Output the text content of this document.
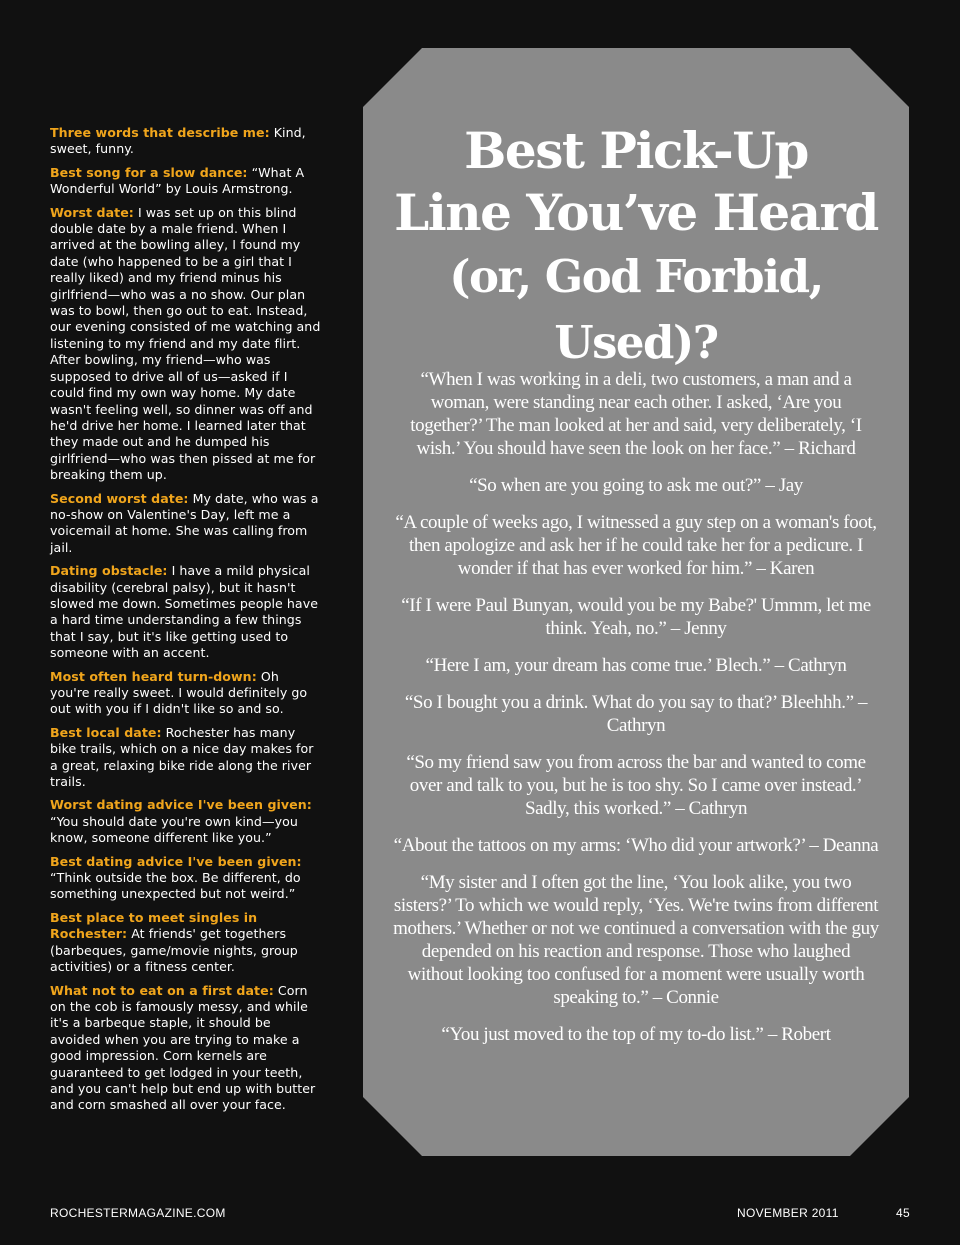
Three words that describe me: Kind, sweet, funny.

Best song for a slow dance: “What A Wonderful World” by Louis Armstrong.

Worst date: I was set up on this blind double date by a male friend. When I arrived at the bowling alley, I found my date (who happened to be a girl that I really liked) and my friend minus his girlfriend—who was a no show. Our plan was to bowl, then go out to eat. Instead, our evening consisted of me watching and listening to my friend and my date flirt. After bowling, my friend—who was supposed to drive all of us—asked if I could find my own way home. My date wasn't feeling well, so dinner was off and he'd drive her home. I learned later that they made out and he dumped his girlfriend—who was then pissed at me for breaking them up.

Second worst date: My date, who was a no-show on Valentine's Day, left me a voicemail at home. She was calling from jail.

Dating obstacle: I have a mild physical disability (cerebral palsy), but it hasn't slowed me down. Sometimes people have a hard time understanding a few things that I say, but it's like getting used to someone with an accent.

Most often heard turn-down: Oh you're really sweet. I would definitely go out with you if I didn't like so and so.

Best local date: Rochester has many bike trails, which on a nice day makes for a great, relaxing bike ride along the river trails.

Worst dating advice I've been given: “You should date you're own kind—you know, someone different like you.”

Best dating advice I've been given: “Think outside the box. Be different, do something unexpected but not weird.”

Best place to meet singles in Rochester: At friends' get togethers (barbeques, game/movie nights, group activities) or a fitness center.

What not to eat on a first date: Corn on the cob is famously messy, and while it's a barbeque staple, it should be avoided when you are trying to make a good impression. Corn kernels are guaranteed to get lodged in your teeth, and you can't help but end up with butter and corn smashed all over your face.

Best Pick-Up
Line You’ve Heard
(or, God Forbid, Used)?

“When I was working in a deli, two customers, a man and a woman, were standing near each other. I asked, ‘Are you together?’ The man looked at her and said, very deliberately, ‘I wish.’ You should have seen the look on her face.” – Richard

“So when are you going to ask me out?” – Jay

“A couple of weeks ago, I witnessed a guy step on a woman's foot, then apologize and ask her if he could take her for a pedicure. I wonder if that has ever worked for him.” – Karen

“If I were Paul Bunyan, would you be my Babe?' Ummm, let me think. Yeah, no.” – Jenny

“Here I am, your dream has come true.’ Blech.” – Cathryn

“So I bought you a drink. What do you say to that?’ Bleehhh.” – Cathryn

“So my friend saw you from across the bar and wanted to come over and talk to you, but he is too shy. So I came over instead.’ Sadly, this worked.” – Cathryn

“About the tattoos on my arms: ‘Who did your artwork?’ – Deanna

“My sister and I often got the line, ‘You look alike, you two sisters?’ To which we would reply, ‘Yes. We're twins from different mothers.’ Whether or not we continued a conversation with the guy depended on his reaction and response. Those who laughed without looking too confused for a moment were usually worth speaking to.” – Connie

“You just moved to the top of my to-do list.” – Robert

ROCHESTERMAGAZINE.COM	NOVEMBER 2011	45
